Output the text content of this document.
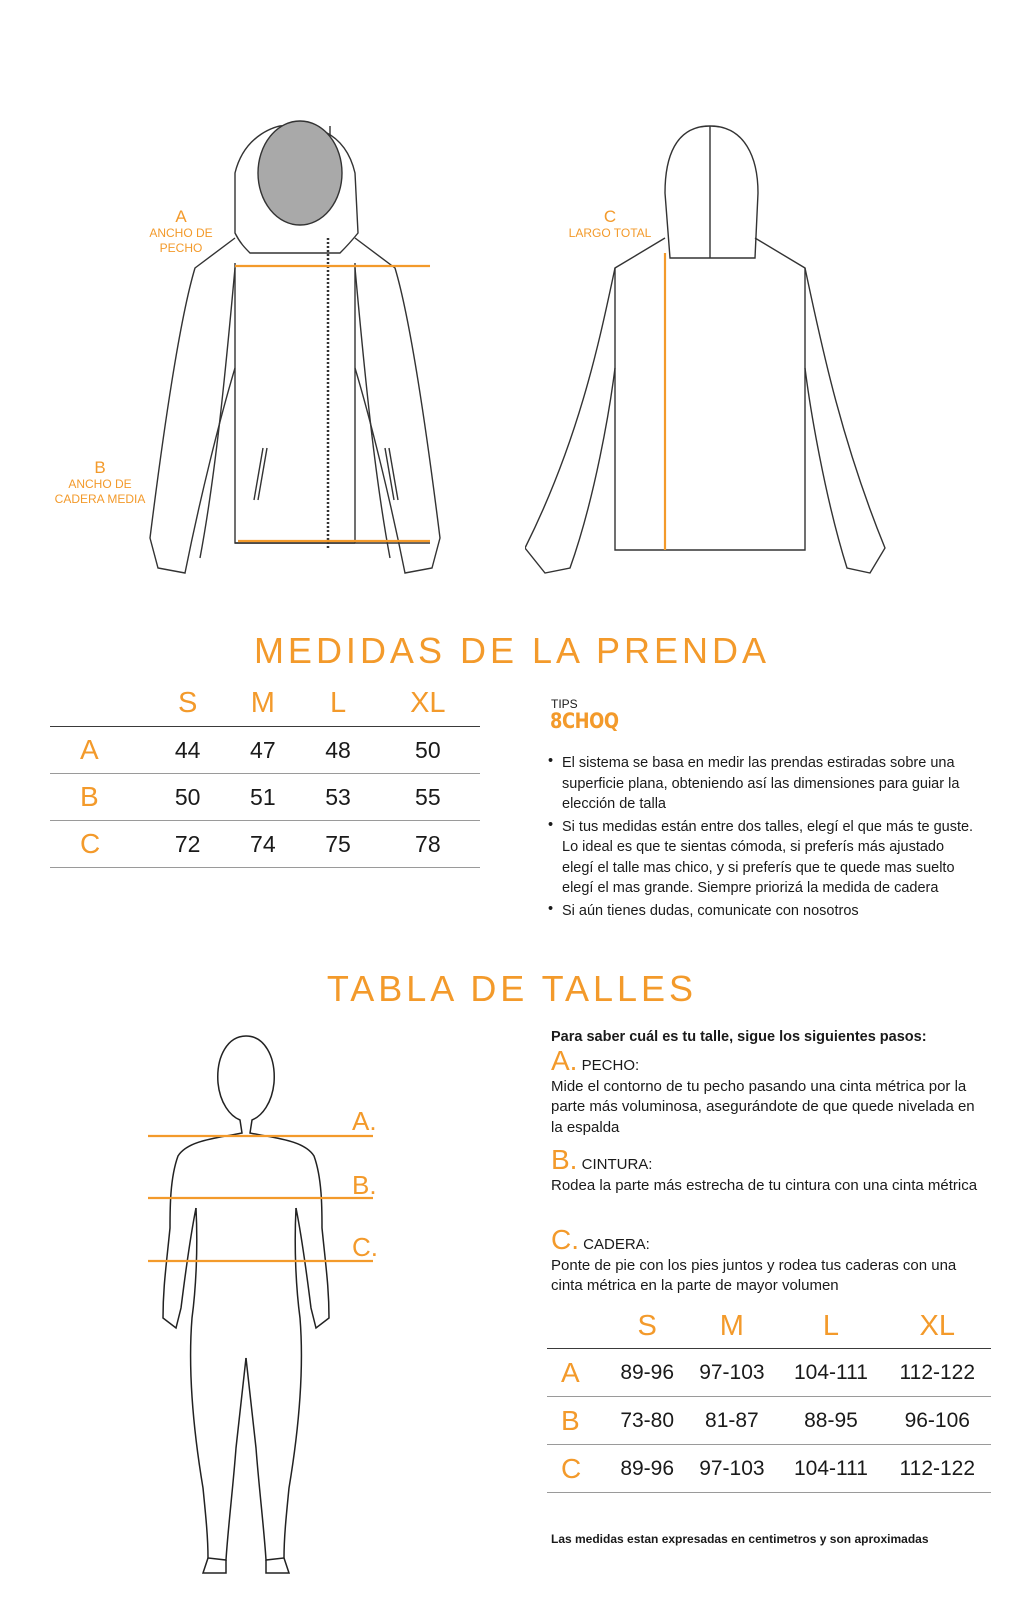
A
ANCHO DE
PECHO
B
ANCHO DE
CADERA MEDIA
C
LARGO TOTAL
MEDIDAS DE LA PRENDA
	S	M	L	XL
A	44	47	48	50
B	50	51	53	55
C	72	74	75	78
TIPS
8CHOQ
• El sistema se basa en medir las prendas estiradas sobre una superficie plana, obteniendo así las dimensiones para guiar la elección de talla
• Si tus medidas están entre dos talles, elegí el que más te guste. Lo ideal es que te sientas cómoda, si preferís más ajustado elegí el talle mas chico, y si preferís que te quede mas suelto elegí el mas grande. Siempre priorizá la medida de cadera
• Si aún tienes dudas, comunicate con nosotros
TABLA DE TALLES
A.
B.
C.
Para saber cuál es tu talle, sigue los siguientes pasos:
A. PECHO:
Mide el contorno de tu pecho pasando una cinta métrica por la parte más voluminosa, asegurándote de que quede nivelada en la espalda
B. CINTURA:
Rodea la parte más estrecha de tu cintura con una cinta métrica
C. CADERA:
Ponte de pie con los pies juntos y rodea tus caderas con una cinta métrica en la parte de mayor volumen
	S	M	L	XL
A	89-96	97-103	104-111	112-122
B	73-80	81-87	88-95	96-106
C	89-96	97-103	104-111	112-122
Las medidas estan expresadas en centimetros y son aproximadas
